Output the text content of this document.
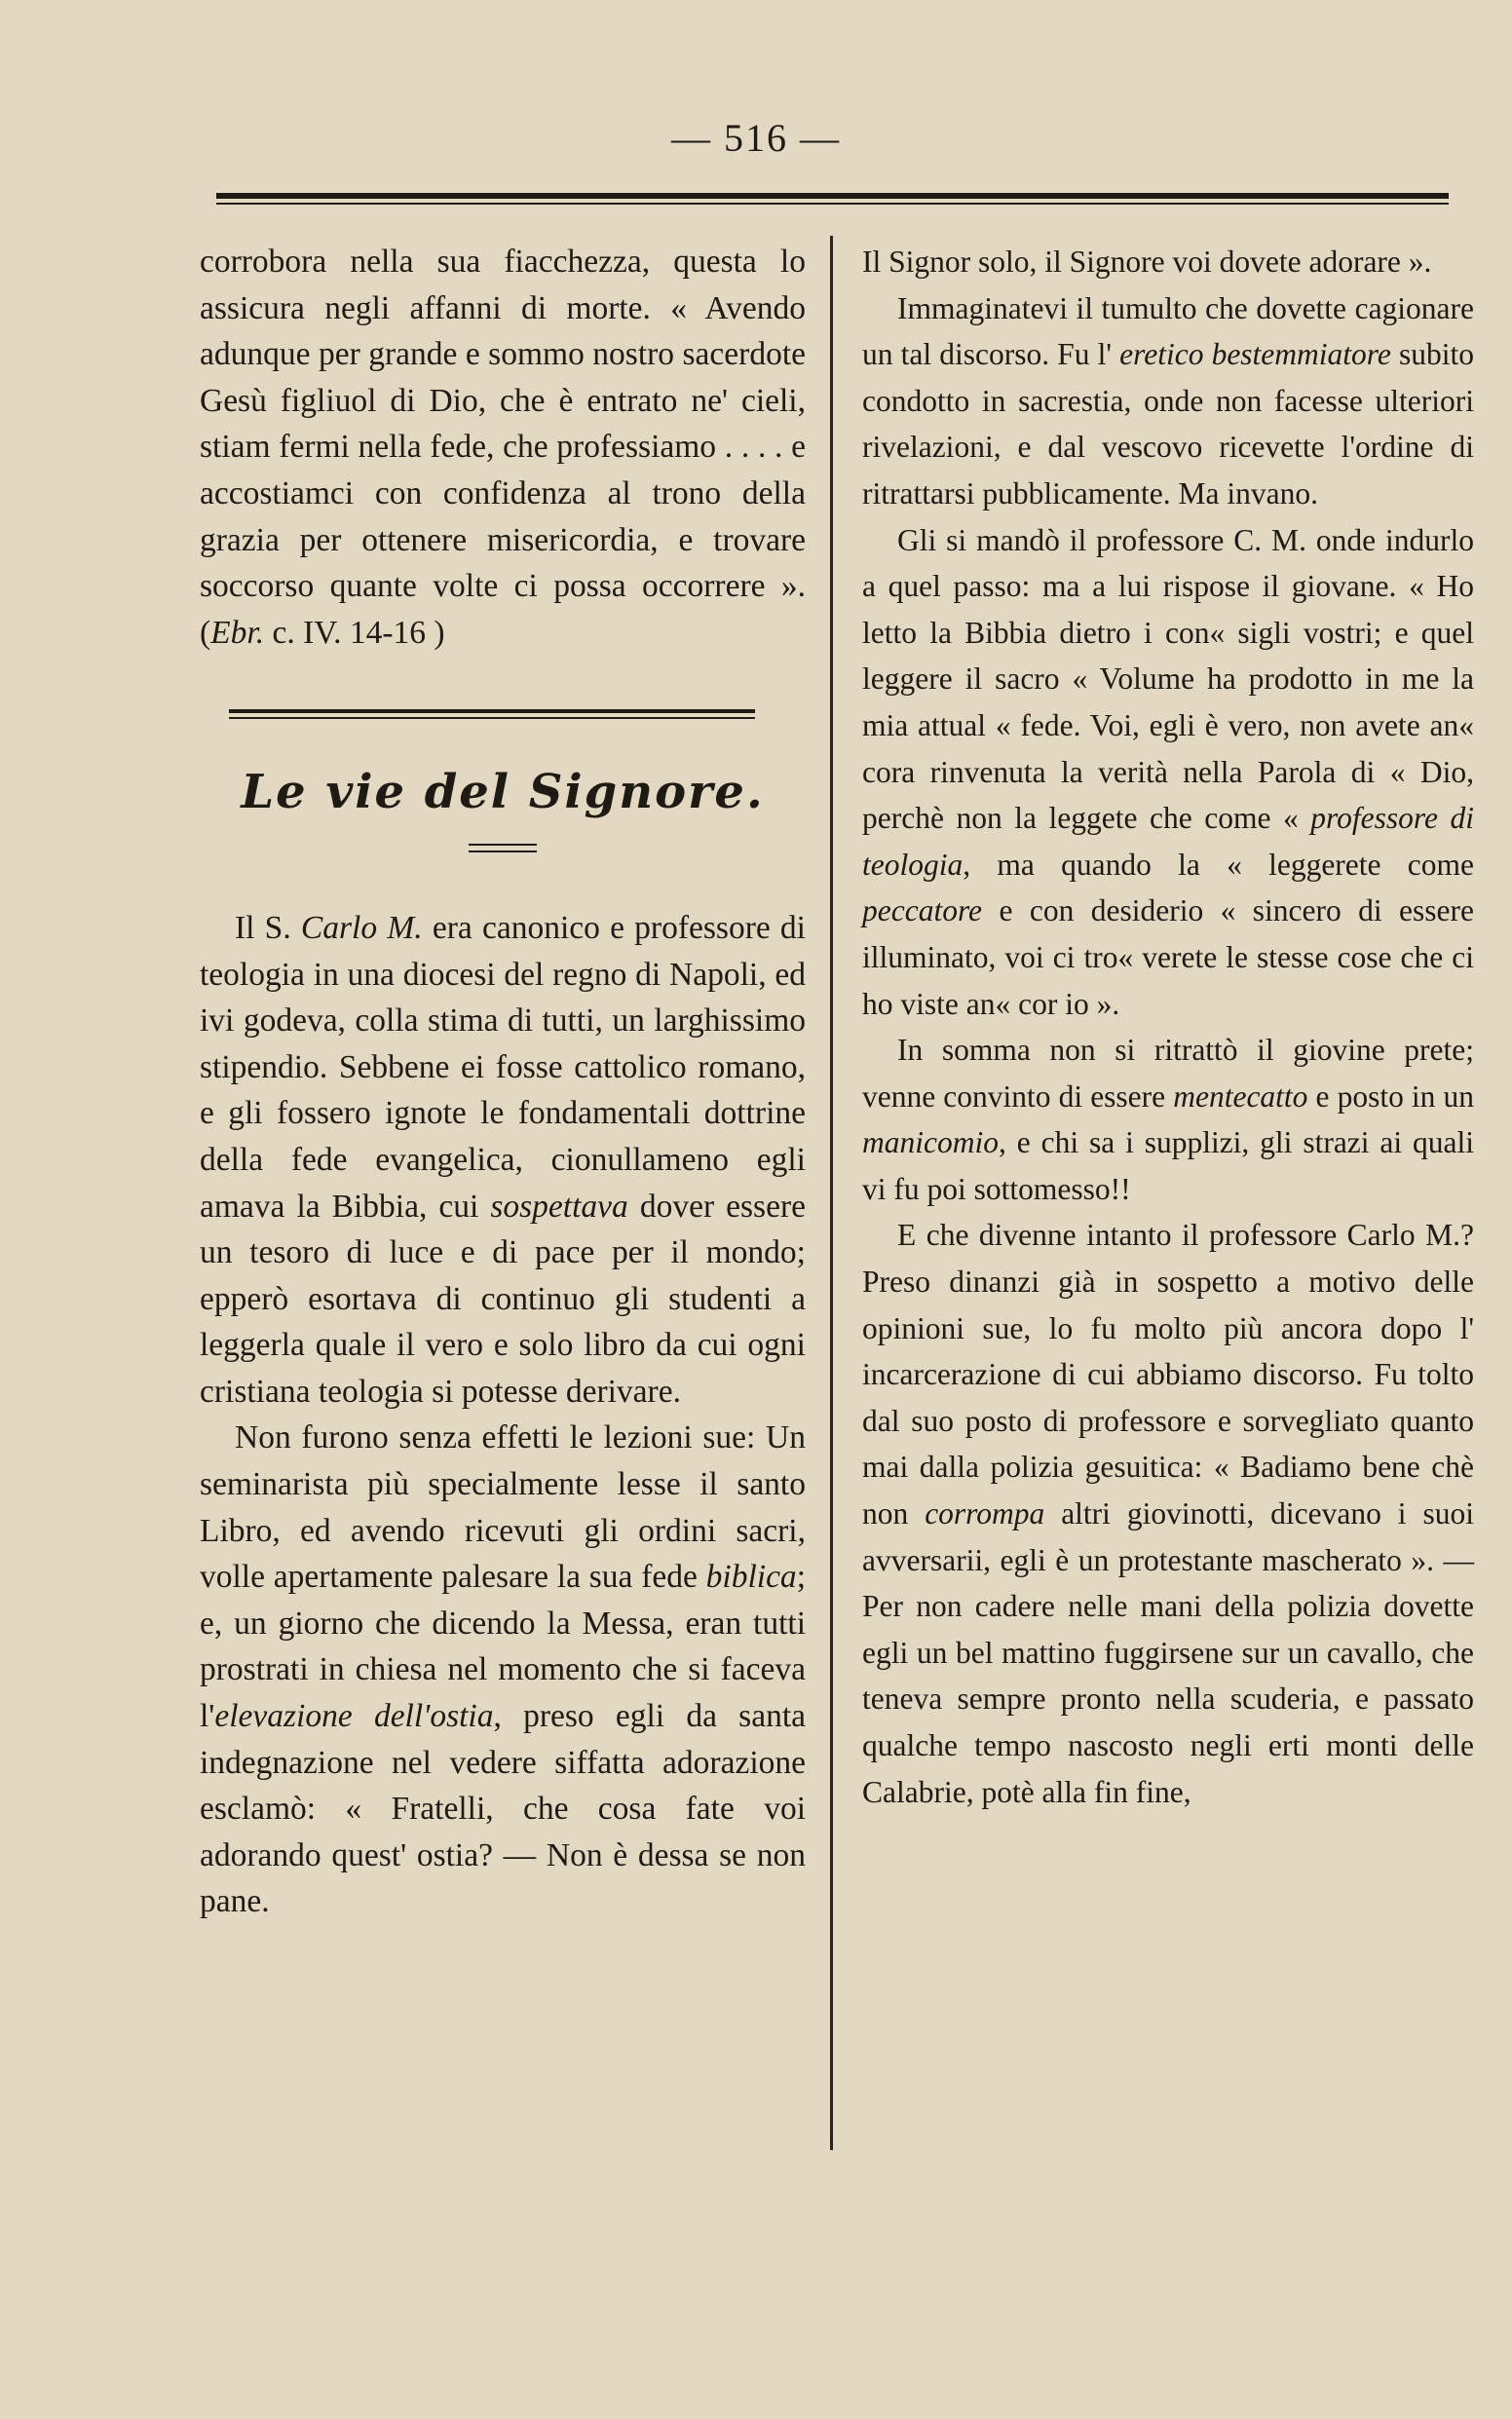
— 516 —

corrobora nella sua fiacchezza, questa lo assicura negli affanni di morte. « Avendo adunque per grande e sommo nostro sacerdote Gesù figliuol di Dio, che è entrato ne' cieli, stiam fermi nella fede, che professiamo . . . . e accostiamci con confidenza al trono della grazia per ottenere misericordia, e trovare soccorso quante volte ci possa occorrere ». (Ebr. c. IV. 14-16 )

Le vie del Signore.

Il S. Carlo M. era canonico e professore di teologia in una diocesi del regno di Napoli, ed ivi godeva, colla stima di tutti, un larghissimo stipendio. Sebbene ei fosse cattolico romano, e gli fossero ignote le fondamentali dottrine della fede evangelica, cionullameno egli amava la Bibbia, cui sospettava dover essere un tesoro di luce e di pace per il mondo; epperò esortava di continuo gli studenti a leggerla quale il vero e solo libro da cui ogni cristiana teologia si potesse derivare.

Non furono senza effetti le lezioni sue: Un seminarista più specialmente lesse il santo Libro, ed avendo ricevuti gli ordini sacri, volle apertamente palesare la sua fede biblica; e, un giorno che dicendo la Messa, eran tutti prostrati in chiesa nel momento che si faceva l'elevazione dell'ostia, preso egli da santa indegnazione nel vedere siffatta adorazione esclamò: « Fratelli, che cosa fate voi adorando quest' ostia? — Non è dessa se non pane.

Il Signor solo, il Signore voi dovete adorare ».

Immaginatevi il tumulto che dovette cagionare un tal discorso. Fu l' eretico bestemmiatore subito condotto in sacrestia, onde non facesse ulteriori rivelazioni, e dal vescovo ricevette l'ordine di ritrattarsi pubblicamente. Ma invano.

Gli si mandò il professore C. M. onde indurlo a quel passo: ma a lui rispose il giovane. « Ho letto la Bibbia dietro i con« sigli vostri; e quel leggere il sacro « Volume ha prodotto in me la mia attual « fede. Voi, egli è vero, non avete an« cora rinvenuta la verità nella Parola di « Dio, perchè non la leggete che come « professore di teologia, ma quando la « leggerete come peccatore e con desiderio « sincero di essere illuminato, voi ci tro« verete le stesse cose che ci ho viste an« cor io ».

In somma non si ritrattò il giovine prete; venne convinto di essere mentecatto e posto in un manicomio, e chi sa i supplizi, gli strazi ai quali vi fu poi sottomesso!!

E che divenne intanto il professore Carlo M.? Preso dinanzi già in sospetto a motivo delle opinioni sue, lo fu molto più ancora dopo l' incarcerazione di cui abbiamo discorso. Fu tolto dal suo posto di professore e sorvegliato quanto mai dalla polizia gesuitica: « Badiamo bene chè non corrompa altri giovinotti, dicevano i suoi avversarii, egli è un protestante mascherato ». — Per non cadere nelle mani della polizia dovette egli un bel mattino fuggirsene sur un cavallo, che teneva sempre pronto nella scuderia, e passato qualche tempo nascosto negli erti monti delle Calabrie, potè alla fin fine,
